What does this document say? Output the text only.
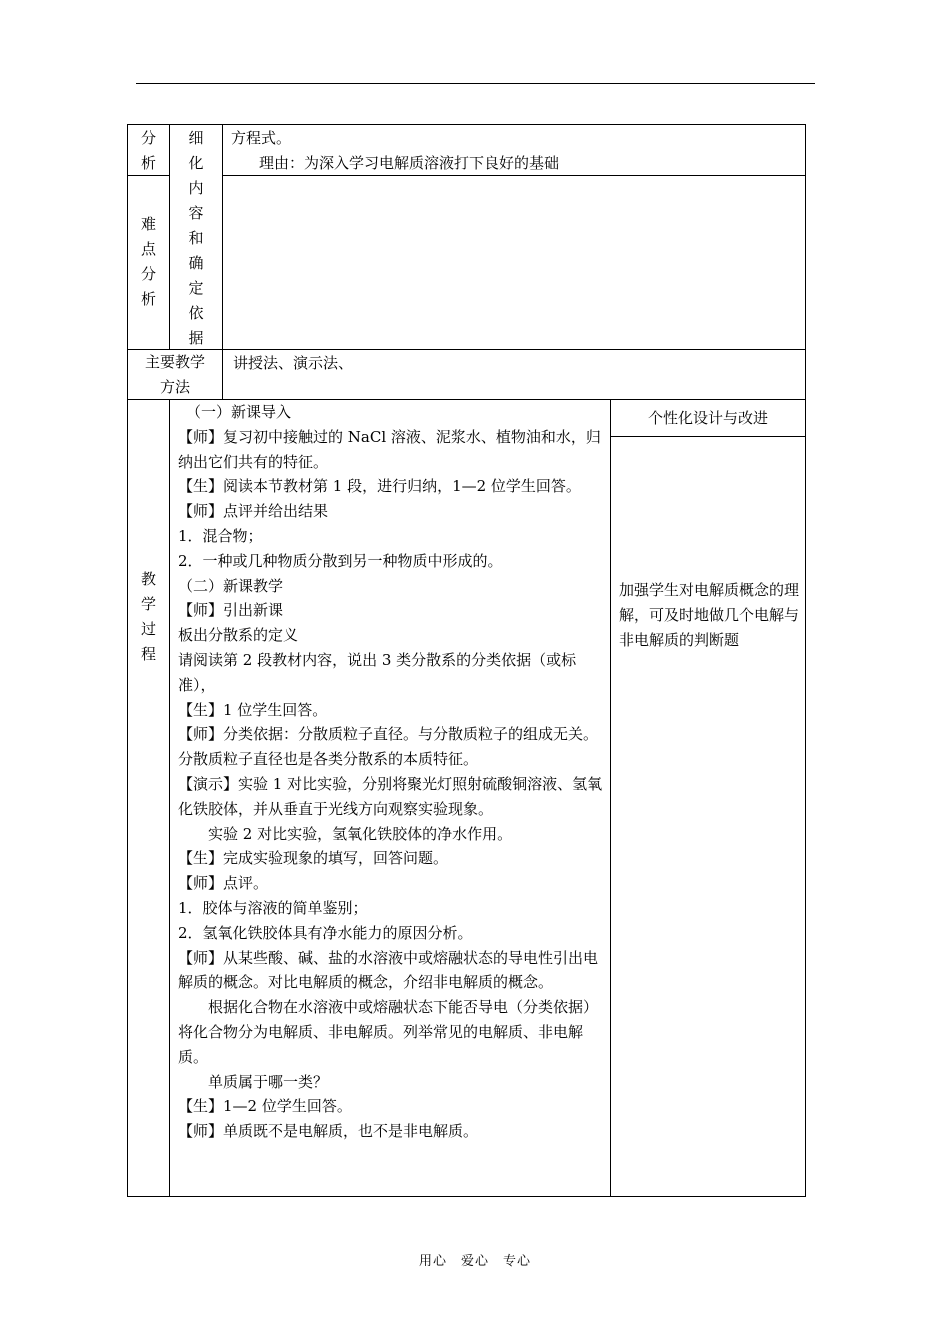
分
析
细
化
内
容
和
确
定
依
据

方程式。

理由：为深入学习电解质溶液打下良好的基础

难
点
分
析
主要教学
方法
讲授法、演示法、
教
学
过
程

（一）新课导入

【师】复习初中接触过的 NaCl 溶液、泥浆水、植物油和水，归纳出它们共有的特征。

【生】阅读本节教材第 1 段，进行归纳，1—2 位学生回答。

【师】点评并给出结果

1．混合物；

2．一种或几种物质分散到另一种物质中形成的。

（二）新课教学

【师】引出新课

板出分散系的定义

请阅读第 2 段教材内容，说出 3 类分散系的分类依据（或标准），

【生】1 位学生回答。

【师】分类依据：分散质粒子直径。与分散质粒子的组成无关。

分散质粒子直径也是各类分散系的本质特征。

【演示】实验 1 对比实验，分别将聚光灯照射硫酸铜溶液、氢氧化铁胶体，并从垂直于光线方向观察实验现象。

实验 2 对比实验，氢氧化铁胶体的净水作用。

【生】完成实验现象的填写，回答问题。

【师】点评。

1．胶体与溶液的简单鉴别；

2．氢氧化铁胶体具有净水能力的原因分析。

【师】从某些酸、碱、盐的水溶液中或熔融状态的导电性引出电解质的概念。对比电解质的概念，介绍非电解质的概念。

根据化合物在水溶液中或熔融状态下能否导电（分类依据）将化合物分为电解质、非电解质。列举常见的电解质、非电解质。

单质属于哪一类？

【生】1—2 位学生回答。

【师】单质既不是电解质，也不是非电解质。

个性化设计与改进

加强学生对电解质概念的理解，可及时地做几个电解与非电解质的判断题

用心　爱心　专心
